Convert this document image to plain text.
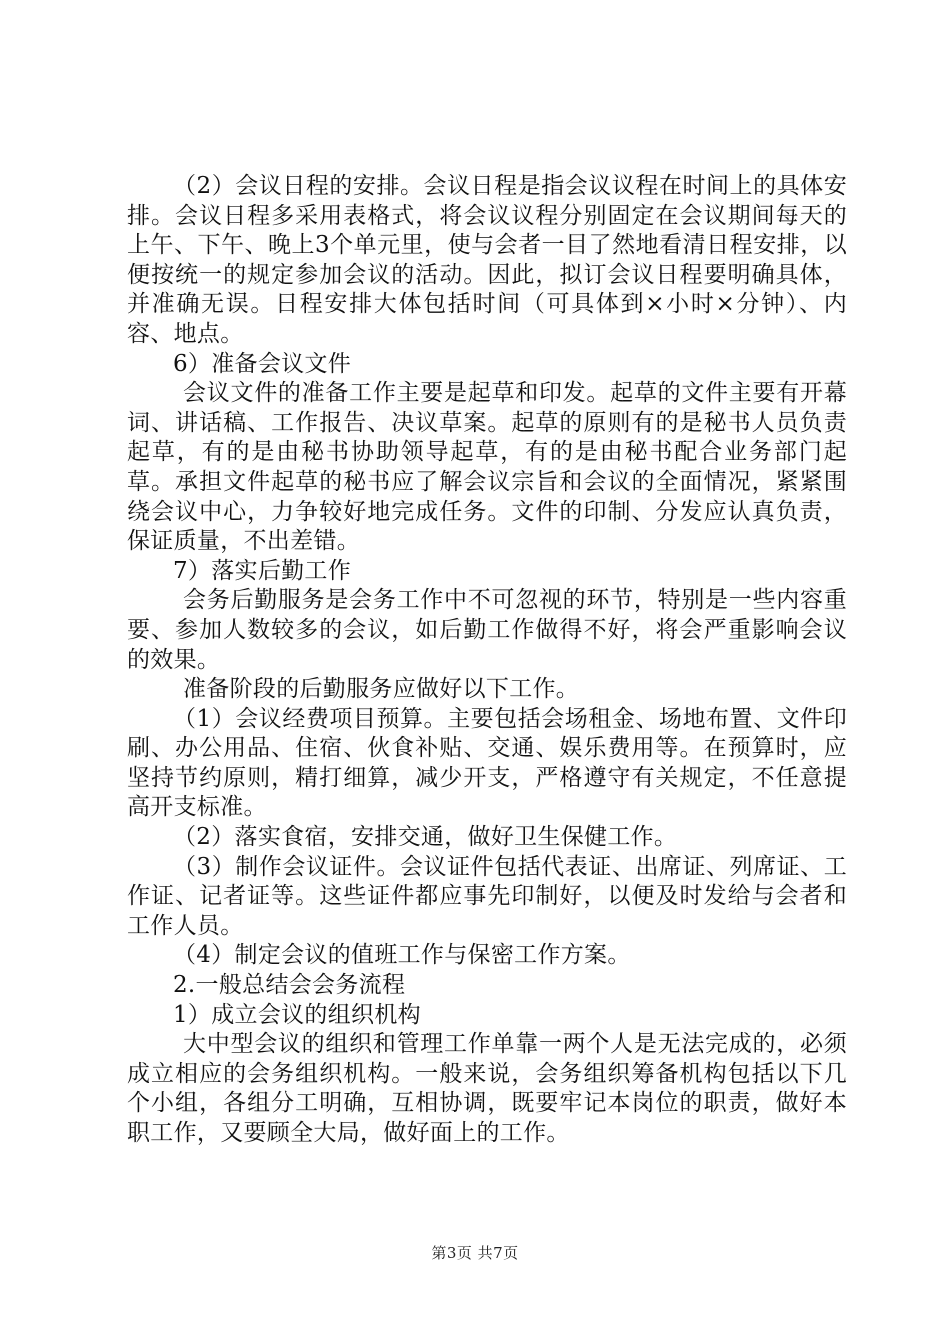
（2）会议日程的安排。会议日程是指会议议程在时间上的具体安排。会议日程多采用表格式，将会议议程分别固定在会议期间每天的上午、下午、晚上3个单元里，使与会者一目了然地看清日程安排，以便按统一的规定参加会议的活动。因此，拟订会议日程要明确具体，并准确无误。日程安排大体包括时间（可具体到×小时×分钟）、内容、地点。

6）准备会议文件

会议文件的准备工作主要是起草和印发。起草的文件主要有开幕词、讲话稿、工作报告、决议草案。起草的原则有的是秘书人员负责起草，有的是由秘书协助领导起草，有的是由秘书配合业务部门起草。承担文件起草的秘书应了解会议宗旨和会议的全面情况，紧紧围绕会议中心，力争较好地完成任务。文件的印制、分发应认真负责，保证质量，不出差错。

7）落实后勤工作

会务后勤服务是会务工作中不可忽视的环节，特别是一些内容重要、参加人数较多的会议，如后勤工作做得不好，将会严重影响会议的效果。

准备阶段的后勤服务应做好以下工作。

（1）会议经费项目预算。主要包括会场租金、场地布置、文件印刷、办公用品、住宿、伙食补贴、交通、娱乐费用等。在预算时，应坚持节约原则，精打细算，减少开支，严格遵守有关规定，不任意提高开支标准。

（2）落实食宿，安排交通，做好卫生保健工作。

（3）制作会议证件。会议证件包括代表证、出席证、列席证、工作证、记者证等。这些证件都应事先印制好，以便及时发给与会者和工作人员。

（4）制定会议的值班工作与保密工作方案。

2.一般总结会会务流程

1）成立会议的组织机构

大中型会议的组织和管理工作单靠一两个人是无法完成的，必须成立相应的会务组织机构。一般来说，会务组织筹备机构包括以下几个小组，各组分工明确，互相协调，既要牢记本岗位的职责，做好本职工作，又要顾全大局，做好面上的工作。

第3页 共7页
